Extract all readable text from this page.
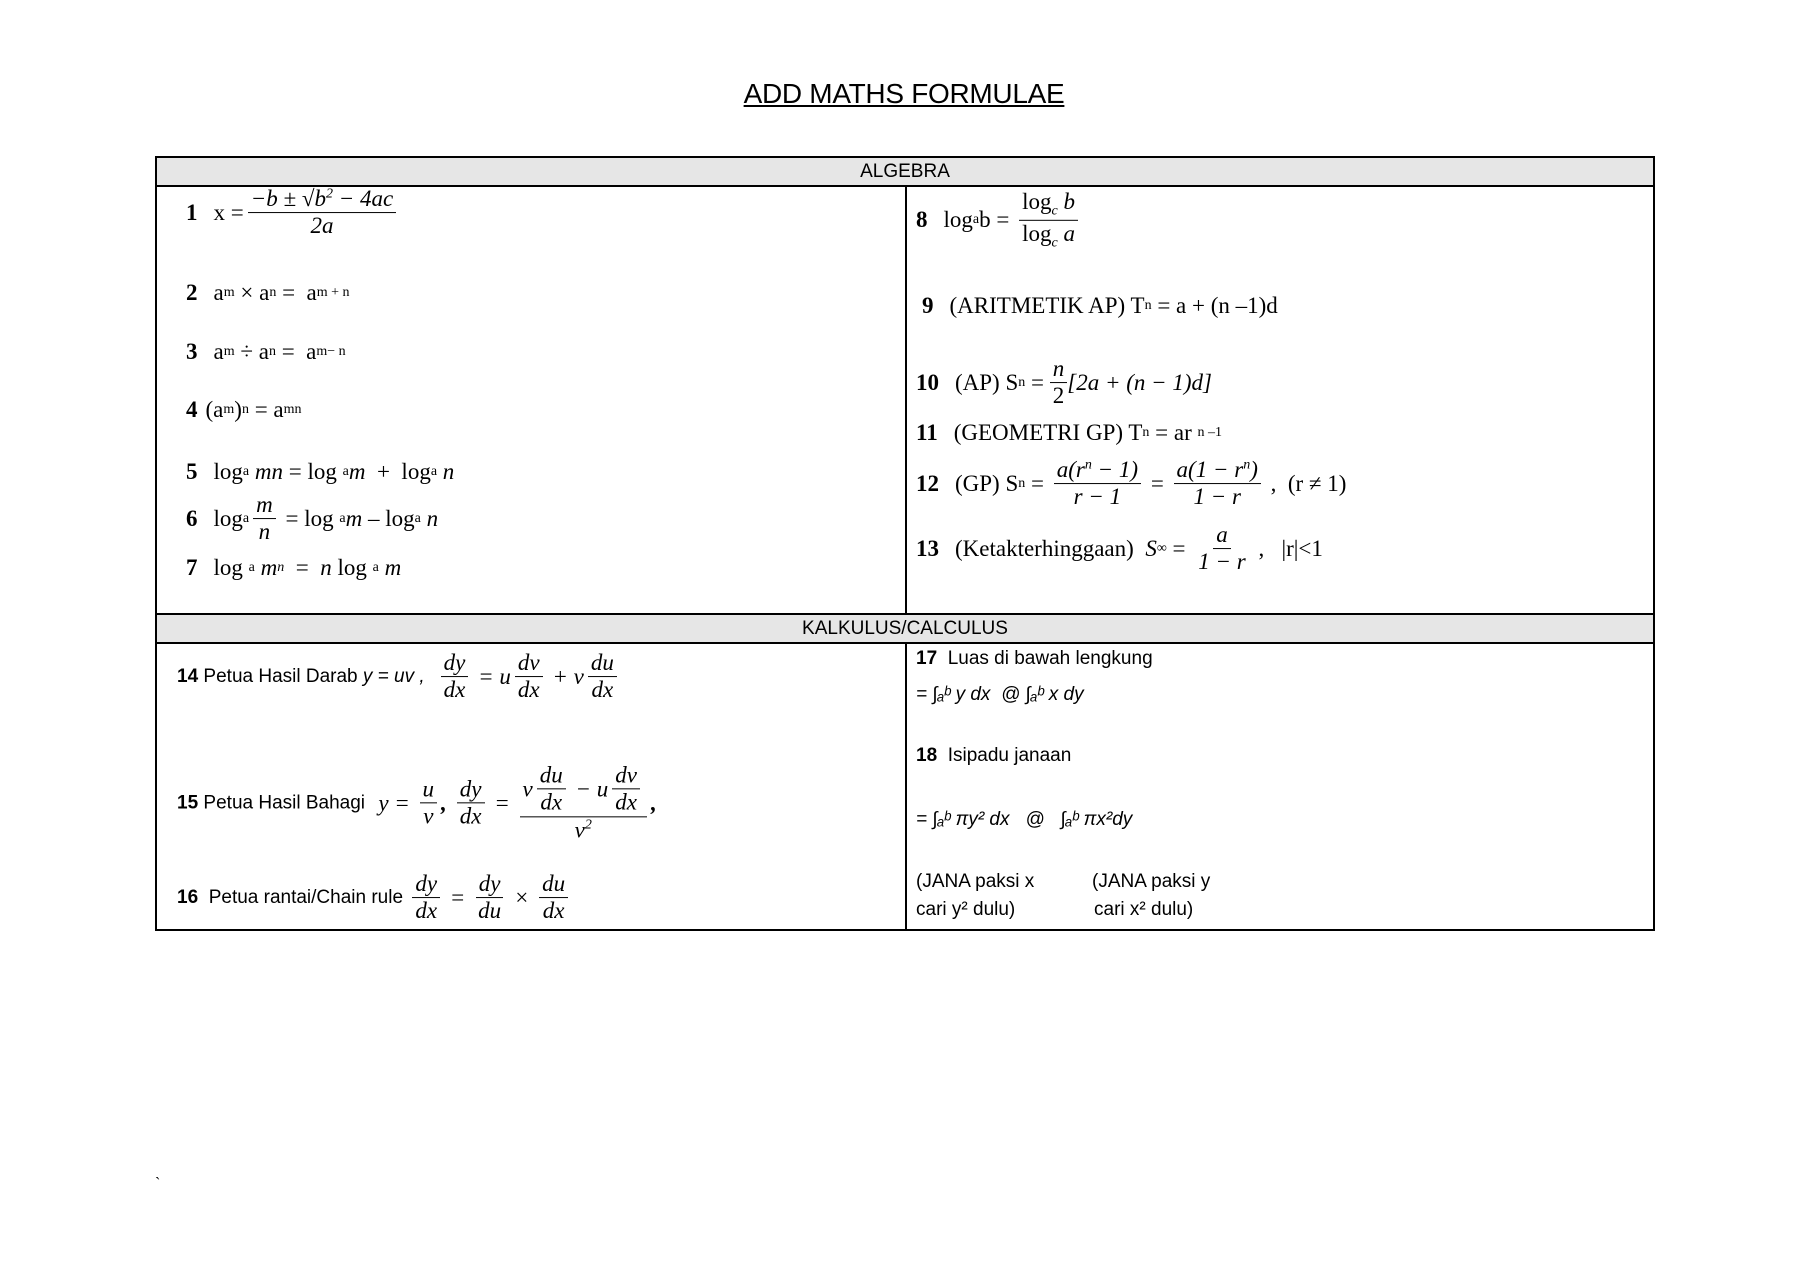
ADD MATHS FORMULAE
ALGEBRA
KALKULUS/CALCULUS
1 $x = \frac{-b \pm √b^2 - 4ac}{2a}$
2 a m × a n =  a m + n
3 a m ÷ a n =  a m− n
4 (a m ) n = a mn
5 log a mn = log a m +  log a n
6 log a $\frac{m}{n} = \log a$ m – log a n
7 log a m n = n log a m
8 log a $b = \frac{\log_c b}{\log_c a}$
9 (ARITMETIK AP) T n = a + (n –1)d
10 (AP) S $n = \frac{n}{2} [2a + (n - 1)d]$
11 (GEOMETRI GP) T n = ar n –1
12 (GP) S $n = \frac{a(r^n - 1)}{r - 1} = \frac{a(1 - r^n)}{1 - r}$ ,  (r ≠ 1)
13 (Ketakterhinggaan) S ∞ = $\frac{a}{1 - r}$ ,   |r|<1
14 Petua Hasil Darab y = uv , $\frac{dy}{dx} = u \frac{dv}{dx} + v \frac{du}{dx}$
15 Petua Hasil Bahagi $y = \frac{u}{v}$ , $\frac{dy}{dx}$ =
v $\frac{du}{dx} - u \frac{dv}{dx}$
$v^2$
,
16 Petua rantai/Chain rule $\frac{dy}{dx} = \frac{dy}{du} \times \frac{du}{dx}$
17 Luas di bawah lengkung
= ∫ₐᵇ y dx  @ ∫ₐᵇ x dy
18 Isipadu janaan
= ∫ₐᵇ πy² dx   @   ∫ₐᵇ πx²dy
(JANA paksi x
cari y² dulu)
(JANA paksi y
cari x² dulu)
`
